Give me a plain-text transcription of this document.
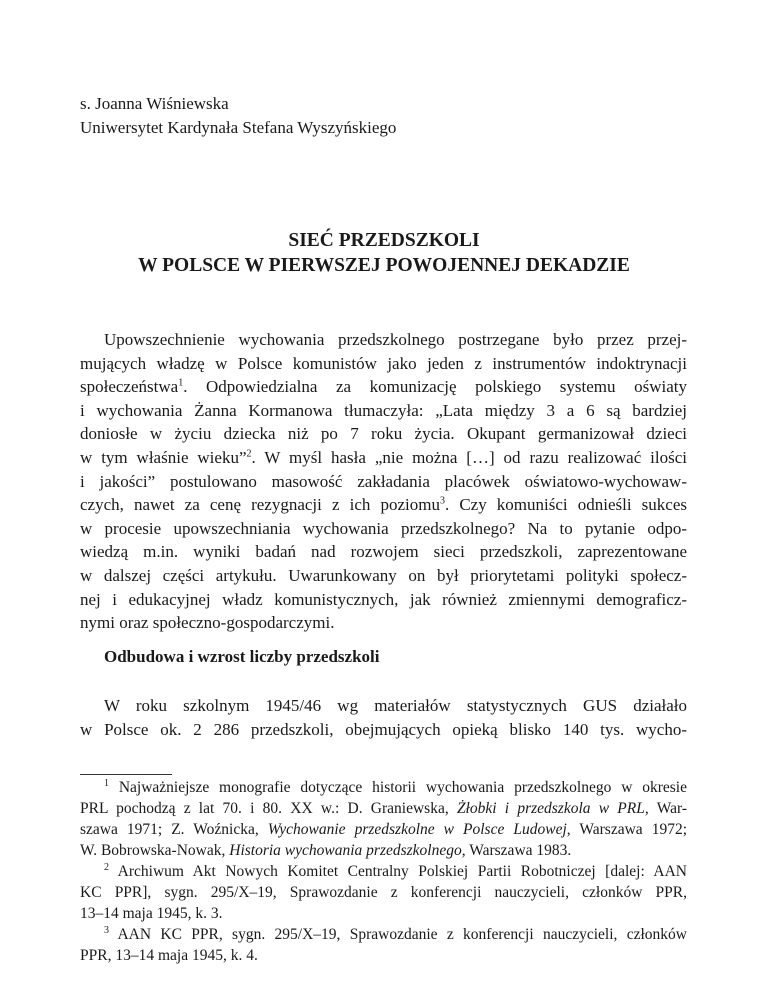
s. Joanna Wiśniewska
Uniwersytet Kardynała Stefana Wyszyńskiego
SIEĆ PRZEDSZKOLI
W POLSCE W PIERWSZEJ POWOJENNEJ DEKADZIE
Upowszechnienie wychowania przedszkolnego postrzegane było przez przej-
mujących władzę w Polsce komunistów jako jeden z instrumentów indoktrynacji
społeczeństwa$^1$. Odpowiedzialna za komunizację polskiego systemu oświaty
i wychowania Żanna Kormanowa tłumaczyła: „Lata między 3 a 6 są bardziej
doniosłe w życiu dziecka niż po 7 roku życia. Okupant germanizował dzieci
w tym właśnie wieku”$^2$. W myśl hasła „nie można […] od razu realizować ilości
i jakości” postulowano masowość zakładania placówek oświatowo-wychowaw-
czych, nawet za cenę rezygnacji z ich poziomu$^3$. Czy komuniści odnieśli sukces
w procesie upowszechniania wychowania przedszkolnego? Na to pytanie odpo-
wiedzą m.in. wyniki badań nad rozwojem sieci przedszkoli, zaprezentowane
w dalszej części artykułu. Uwarunkowany on był priorytetami polityki społecz-
nej i edukacyjnej władz komunistycznych, jak również zmiennymi demograficz-
nymi oraz społeczno-gospodarczymi.
Odbudowa i wzrost liczby przedszkoli
W roku szkolnym 1945/46 wg materiałów statystycznych GUS działało
w Polsce ok. 2 286 przedszkoli, obejmujących opieką blisko 140 tys. wycho-
$^1$ Najważniejsze monografie dotyczące historii wychowania przedszkolnego w okresie
PRL pochodzą z lat 70. i 80. XX w.: D. Graniewska, Żłobki i przedszkola w PRL, War-
szawa 1971; Z. Woźnicka, Wychowanie przedszkolne w Polsce Ludowej, Warszawa 1972;
W. Bobrowska-Nowak, Historia wychowania przedszkolnego, Warszawa 1983.
$^2$ Archiwum Akt Nowych Komitet Centralny Polskiej Partii Robotniczej [dalej: AAN
KC PPR], sygn. 295/X–19, Sprawozdanie z konferencji nauczycieli, członków PPR,
13–14 maja 1945, k. 3.
$^3$ AAN KC PPR, sygn. 295/X–19, Sprawozdanie z konferencji nauczycieli, członków
PPR, 13–14 maja 1945, k. 4.
